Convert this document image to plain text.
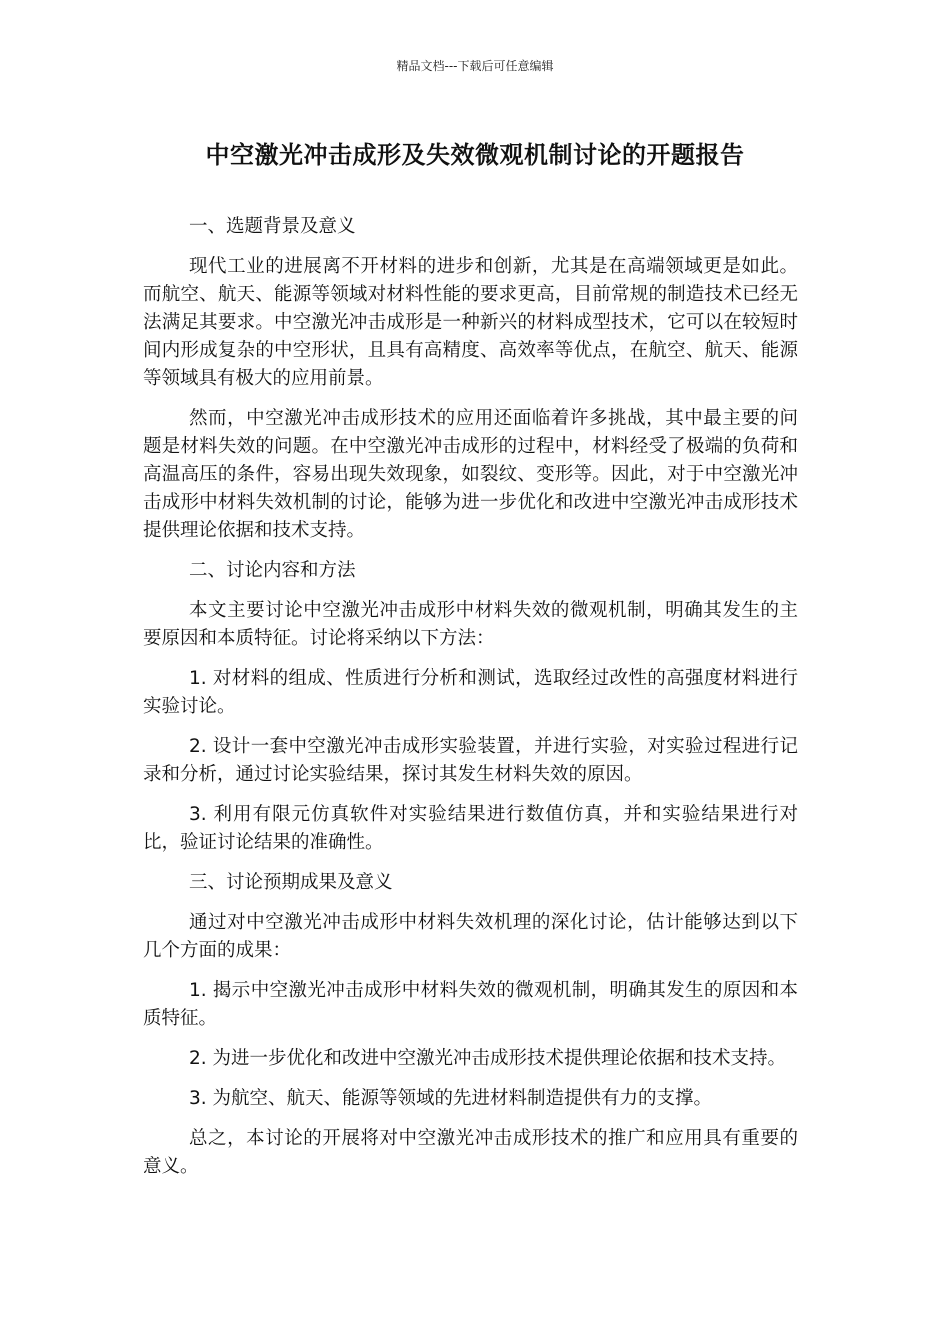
精品文档---下载后可任意编辑
中空激光冲击成形及失效微观机制讨论的开题报告

一、选题背景及意义

现代工业的进展离不开材料的进步和创新，尤其是在高端领域更是如此。而航空、航天、能源等领域对材料性能的要求更高，目前常规的制造技术已经无法满足其要求。中空激光冲击成形是一种新兴的材料成型技术，它可以在较短时间内形成复杂的中空形状，且具有高精度、高效率等优点，在航空、航天、能源等领域具有极大的应用前景。

然而，中空激光冲击成形技术的应用还面临着许多挑战，其中最主要的问题是材料失效的问题。在中空激光冲击成形的过程中，材料经受了极端的负荷和高温高压的条件，容易出现失效现象，如裂纹、变形等。因此，对于中空激光冲击成形中材料失效机制的讨论，能够为进一步优化和改进中空激光冲击成形技术提供理论依据和技术支持。

二、讨论内容和方法

本文主要讨论中空激光冲击成形中材料失效的微观机制，明确其发生的主要原因和本质特征。讨论将采纳以下方法：

1. 对材料的组成、性质进行分析和测试，选取经过改性的高强度材料进行实验讨论。

2. 设计一套中空激光冲击成形实验装置，并进行实验，对实验过程进行记录和分析，通过讨论实验结果，探讨其发生材料失效的原因。

3. 利用有限元仿真软件对实验结果进行数值仿真，并和实验结果进行对比，验证讨论结果的准确性。

三、讨论预期成果及意义

通过对中空激光冲击成形中材料失效机理的深化讨论，估计能够达到以下几个方面的成果：

1. 揭示中空激光冲击成形中材料失效的微观机制，明确其发生的原因和本质特征。

2. 为进一步优化和改进中空激光冲击成形技术提供理论依据和技术支持。

3. 为航空、航天、能源等领域的先进材料制造提供有力的支撑。

总之，本讨论的开展将对中空激光冲击成形技术的推广和应用具有重要的意义。
